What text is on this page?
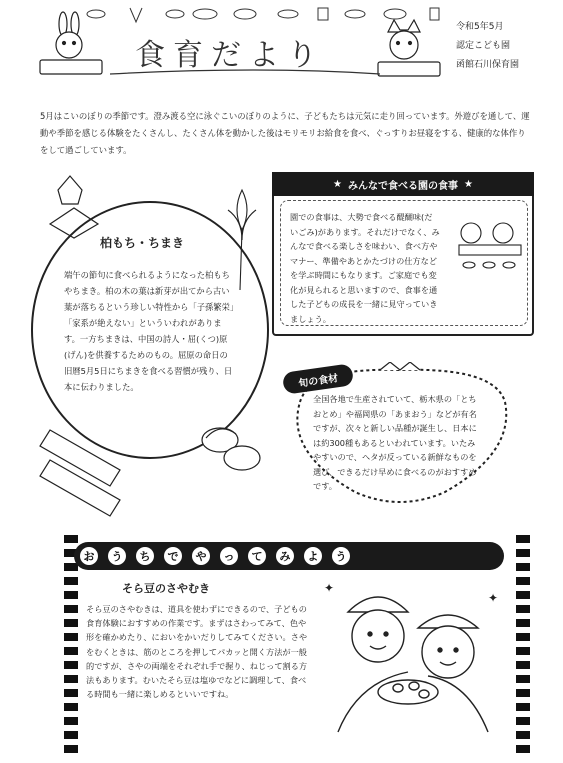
食育だより
令和5年5月
認定こども園
函館石川保育園
5月はこいのぼりの季節です。澄み渡る空に泳ぐこいのぼりのように、子どもたちは元気に走り回っています。外遊びを通して、運動や季節を感じる体験をたくさんし、たくさん体を動かした後はモリモリお給食を食べ、ぐっすりお昼寝をする、健康的な体作りをして過ごしています。
柏もち・ちまき
端午の節句に食べられるようになった柏もちやちまき。柏の木の葉は新芽が出てから古い葉が落ちるという珍しい特性から「子孫繁栄」「家系が絶えない」といういわれがあります。一方ちまきは、中国の詩人・屈(くつ)原(げん)を供養するためのもの。屈原の命日の旧暦5月5日にちまきを食べる習慣が残り、日本に伝わりました。
★ みんなで食べる園の食事 ★
園での食事は、大勢で食べる醍醐味(だいごみ)があります。それだけでなく、みんなで食べる楽しさを味わい、食べ方やマナー、準備やあとかたづけの仕方などを学ぶ時間にもなります。ご家庭でも変化が見られると思いますので、食事を通した子どもの成長を一緒に見守っていきましょう。
旬の食材
全国各地で生産されていて、栃木県の「とちおとめ」や福岡県の「あまおう」などが有名ですが、次々と新しい品種が誕生し、日本には約300種もあるといわれています。いたみやすいので、ヘタが反っている新鮮なものを選び、できるだけ早めに食べるのがおすすめです。
お	う	ち	で	や	っ	て	み	よ	う
そら豆のさやむき
そら豆のさやむきは、道具を使わずにできるので、子どもの食育体験におすすめの作業です。まずはさわってみて、色や形を確かめたり、においをかいだりしてみてください。さやをむくときは、筋のところを押してパカッと開く方法が一般的ですが、さやの両端をそれぞれ手で握り、ねじって割る方法もあります。むいたそら豆は塩ゆでなどに調理して、食べる時間も一緒に楽しめるといいですね。
✦
✦
